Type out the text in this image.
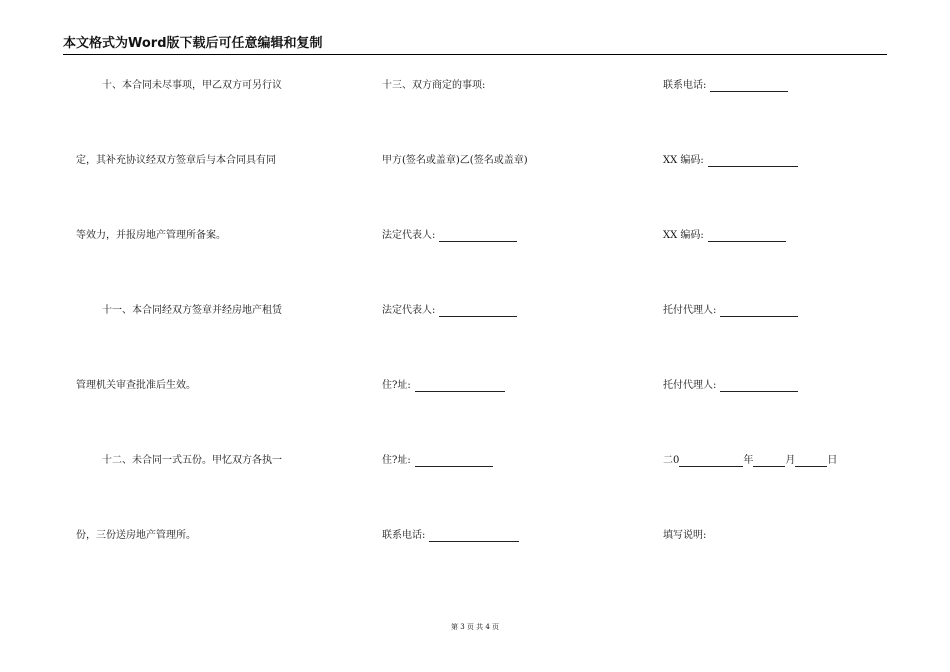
本文格式为Word版下载后可任意编辑和复制
十、本合同未尽事项，甲乙双方可另行议
定，其补充协议经双方签章后与本合同具有同
等效力，并报房地产管理所备案。
十一、本合同经双方签章并经房地产租赁
管理机关审查批准后生效。
十二、未合同一式五份。甲忆双方各执一
份，三份送房地产管理所。
十三、双方商定的事项:
甲方(签名或盖章)乙(签名或盖章)
法定代表人:
法定代表人:
住?址:
住?址:
联系电话:
联系电话:
XX 编码:
XX 编码:
托付代理人:
托付代理人:
二0	年	月	日
填写说明:
第 3 页 共 4 页
